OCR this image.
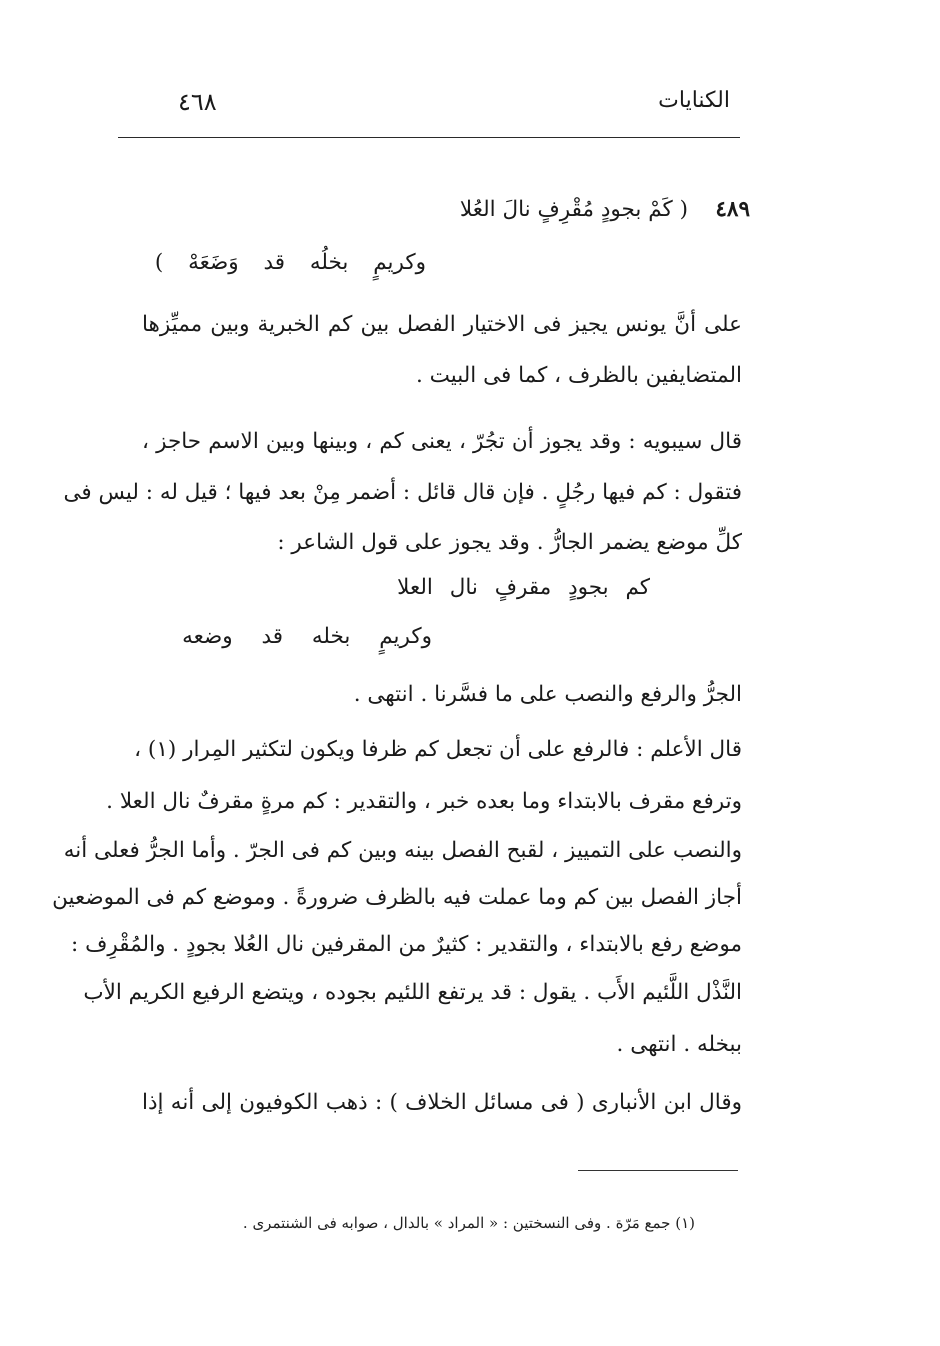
٤٦٨	الكنايات
٤٨٩    ( كَمْ بجودٍ مُقْرِفٍ نالَ العُلا
وكريمٍ بخلُه قد وَضَعَهْ )
على أنَّ يونس يجيز فى الاختيار الفصل بين كم الخبرية وبين مميِّزها
المتضايفين بالظرف ، كما فى البيت .
قال سيبويه : وقد يجوز أن تجُرّ ، يعنى كم ، وبينها وبين الاسم حاجز ،
فتقول : كم فيها رجُلٍ . فإن قال قائل : أضمر مِنْ بعد فيها ؛ قيل له : ليس فى
كلِّ موضع يضمر الجارُّ . وقد يجوز على قول الشاعر :
كم بجودٍ مقرفٍ نال العلا
وكريمٍ بخله قد وضعه
الجرُّ والرفع والنصب على ما فسَّرنا . انتهى .
قال الأعلم : فالرفع على أن تجعل كم ظرفا ويكون لتكثير المِرار (١) ،
وترفع مقرف بالابتداء وما بعده خبر ، والتقدير : كم مرةٍ مقرفٌ نال العلا .
والنصب على التمييز ، لقبح الفصل بينه وبين كم فى الجرّ . وأما الجرُّ فعلى أنه
أجاز الفصل بين كم وما عملت فيه بالظرف ضرورةً . وموضع كم فى الموضعين
موضع رفع بالابتداء ، والتقدير : كثيرٌ من المقرفين نال العُلا بجودٍ . والمُقْرِف :
النَّذْل اللَّئيم الأَب . يقول : قد يرتفع اللئيم بجوده ، ويتضع الرفيع الكريم الأب
ببخله . انتهى .
وقال ابن الأنبارى ( فى مسائل الخلاف ) : ذهب الكوفيون إلى أنه إذا
(١) جمع مَرّة . وفى النسختين : « المراد » بالدال ، صوابه فى الشنتمرى .
